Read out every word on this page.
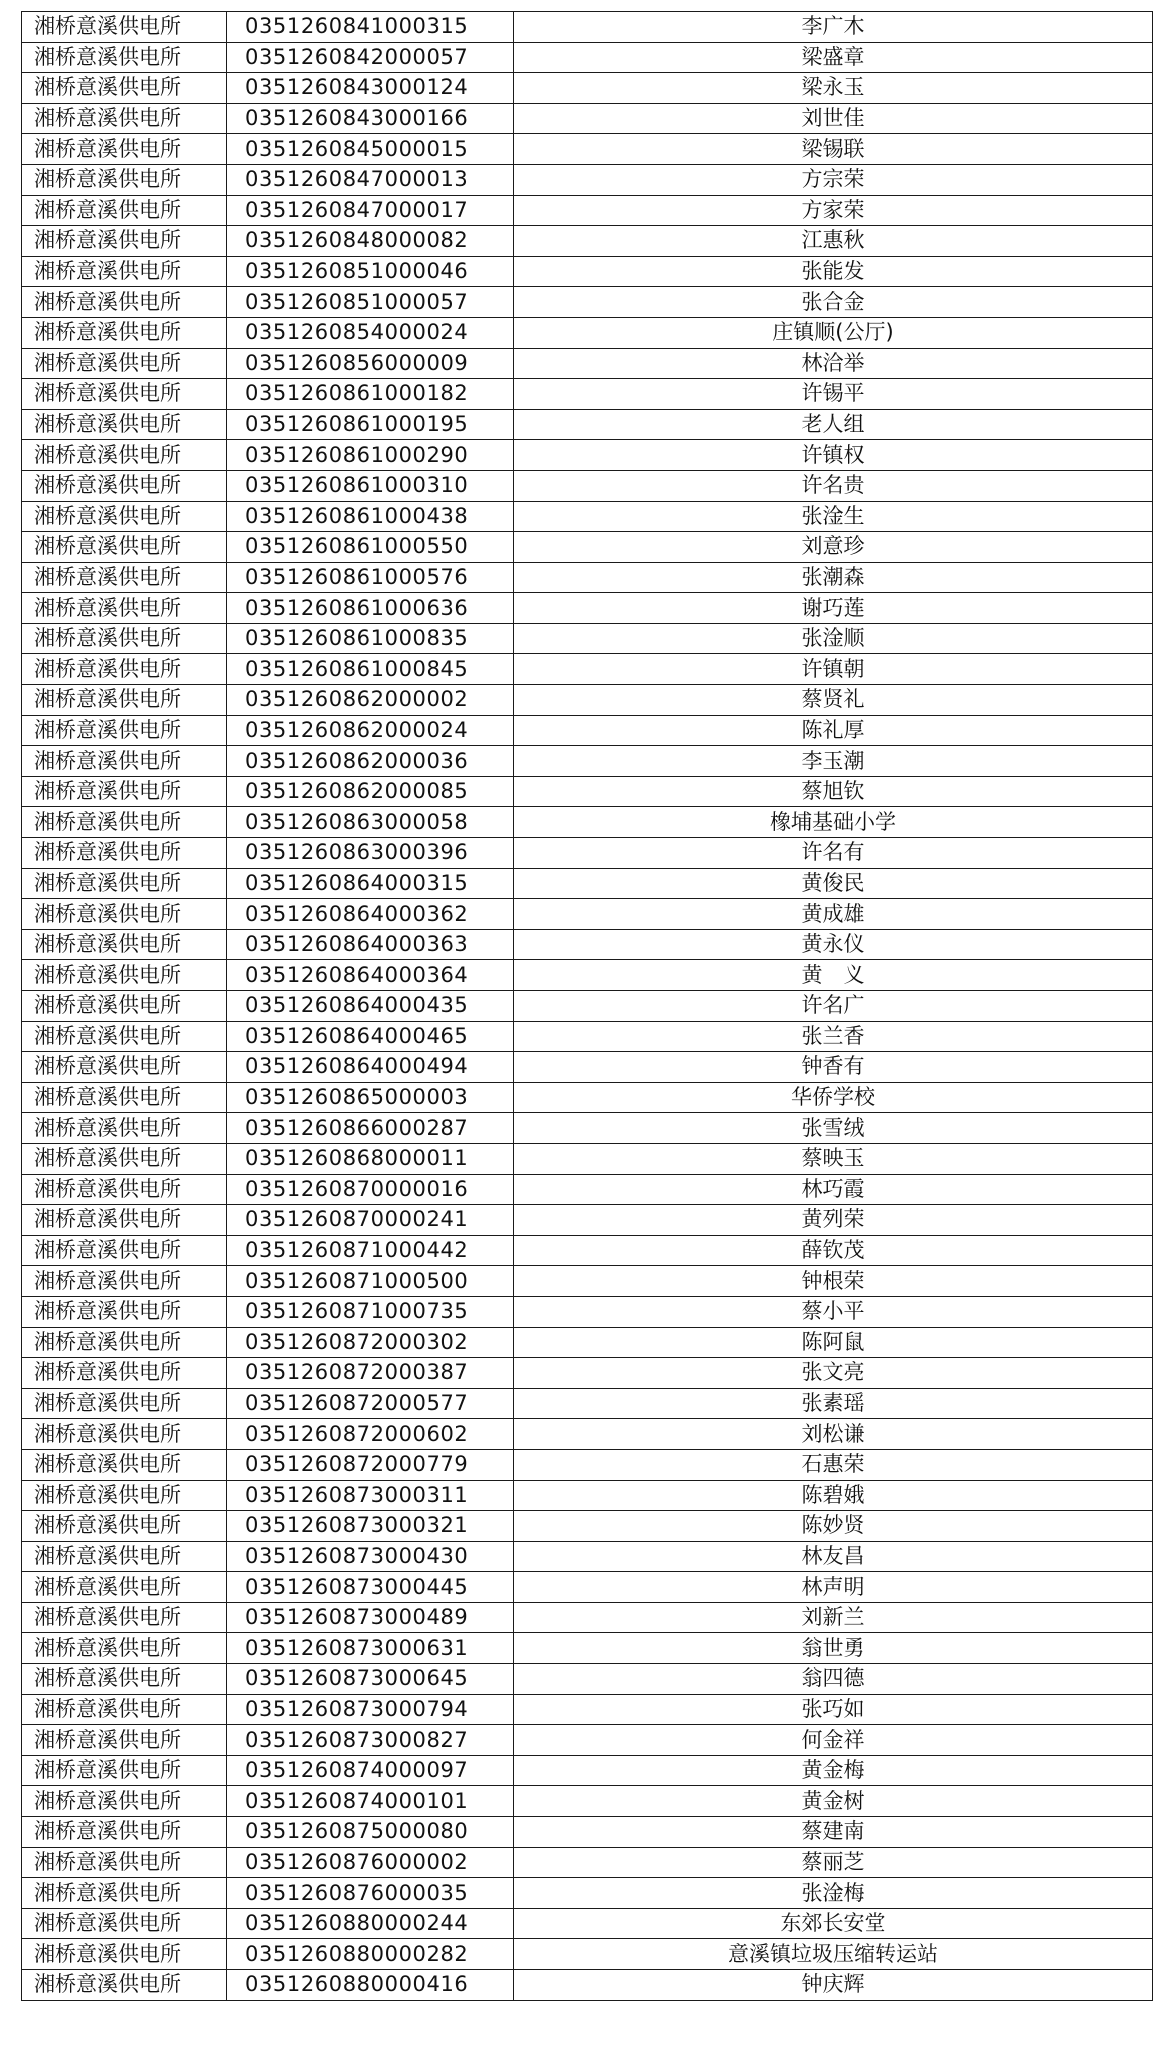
湘桥意溪供电所	0351260841000315	李广木
湘桥意溪供电所	0351260842000057	梁盛章
湘桥意溪供电所	0351260843000124	梁永玉
湘桥意溪供电所	0351260843000166	刘世佳
湘桥意溪供电所	0351260845000015	梁锡联
湘桥意溪供电所	0351260847000013	方宗荣
湘桥意溪供电所	0351260847000017	方家荣
湘桥意溪供电所	0351260848000082	江惠秋
湘桥意溪供电所	0351260851000046	张能发
湘桥意溪供电所	0351260851000057	张合金
湘桥意溪供电所	0351260854000024	庄镇顺(公厅)
湘桥意溪供电所	0351260856000009	林洽举
湘桥意溪供电所	0351260861000182	许锡平
湘桥意溪供电所	0351260861000195	老人组
湘桥意溪供电所	0351260861000290	许镇权
湘桥意溪供电所	0351260861000310	许名贵
湘桥意溪供电所	0351260861000438	张淦生
湘桥意溪供电所	0351260861000550	刘意珍
湘桥意溪供电所	0351260861000576	张潮森
湘桥意溪供电所	0351260861000636	谢巧莲
湘桥意溪供电所	0351260861000835	张淦顺
湘桥意溪供电所	0351260861000845	许镇朝
湘桥意溪供电所	0351260862000002	蔡贤礼
湘桥意溪供电所	0351260862000024	陈礼厚
湘桥意溪供电所	0351260862000036	李玉潮
湘桥意溪供电所	0351260862000085	蔡旭钦
湘桥意溪供电所	0351260863000058	橡埔基础小学
湘桥意溪供电所	0351260863000396	许名有
湘桥意溪供电所	0351260864000315	黄俊民
湘桥意溪供电所	0351260864000362	黄成雄
湘桥意溪供电所	0351260864000363	黄永仪
湘桥意溪供电所	0351260864000364	黄　义
湘桥意溪供电所	0351260864000435	许名广
湘桥意溪供电所	0351260864000465	张兰香
湘桥意溪供电所	0351260864000494	钟香有
湘桥意溪供电所	0351260865000003	华侨学校
湘桥意溪供电所	0351260866000287	张雪绒
湘桥意溪供电所	0351260868000011	蔡映玉
湘桥意溪供电所	0351260870000016	林巧霞
湘桥意溪供电所	0351260870000241	黄列荣
湘桥意溪供电所	0351260871000442	薛钦茂
湘桥意溪供电所	0351260871000500	钟根荣
湘桥意溪供电所	0351260871000735	蔡小平
湘桥意溪供电所	0351260872000302	陈阿鼠
湘桥意溪供电所	0351260872000387	张文亮
湘桥意溪供电所	0351260872000577	张素瑶
湘桥意溪供电所	0351260872000602	刘松谦
湘桥意溪供电所	0351260872000779	石惠荣
湘桥意溪供电所	0351260873000311	陈碧娥
湘桥意溪供电所	0351260873000321	陈妙贤
湘桥意溪供电所	0351260873000430	林友昌
湘桥意溪供电所	0351260873000445	林声明
湘桥意溪供电所	0351260873000489	刘新兰
湘桥意溪供电所	0351260873000631	翁世勇
湘桥意溪供电所	0351260873000645	翁四德
湘桥意溪供电所	0351260873000794	张巧如
湘桥意溪供电所	0351260873000827	何金祥
湘桥意溪供电所	0351260874000097	黄金梅
湘桥意溪供电所	0351260874000101	黄金树
湘桥意溪供电所	0351260875000080	蔡建南
湘桥意溪供电所	0351260876000002	蔡丽芝
湘桥意溪供电所	0351260876000035	张淦梅
湘桥意溪供电所	0351260880000244	东郊长安堂
湘桥意溪供电所	0351260880000282	意溪镇垃圾压缩转运站
湘桥意溪供电所	0351260880000416	钟庆辉
